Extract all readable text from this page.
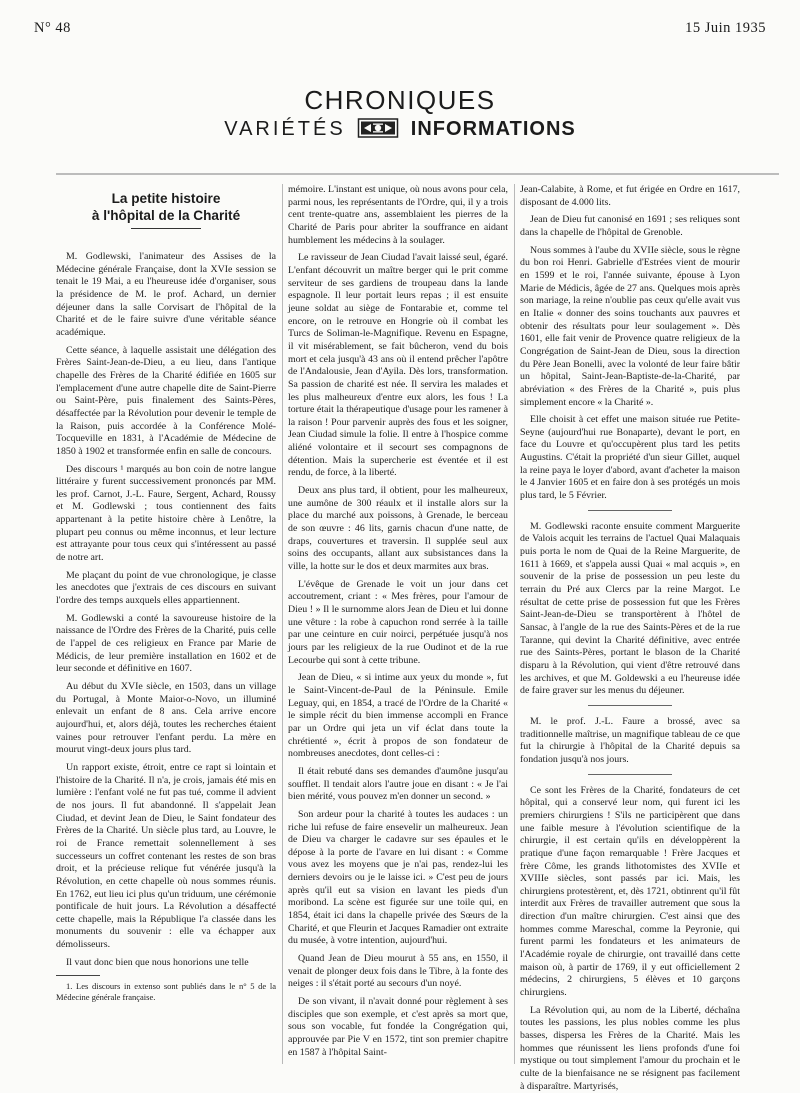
N° 48	15 Juin 1935
CHRONIQUES
VARIÉTÉS	INFORMATIONS
La petite histoire
à l'hôpital de la Charité

M. Godlewski, l'animateur des Assises de la Médecine générale Française, dont la XVIe session se tenait le 19 Mai, a eu l'heureuse idée d'organiser, sous la présidence de M. le prof. Achard, un dernier déjeuner dans la salle Corvisart de l'hôpital de la Charité et de le faire suivre d'une véritable séance académique.

Cette séance, à laquelle assistait une délégation des Frères Saint-Jean-de-Dieu, a eu lieu, dans l'antique chapelle des Frères de la Charité édifiée en 1605 sur l'emplacement d'une autre chapelle dite de Saint-Pierre ou Saint-Père, puis finalement des Saints-Pères, désaffectée par la Révolution pour devenir le temple de la Raison, puis accordée à la Conférence Molé-Tocqueville en 1831, à l'Académie de Médecine de 1850 à 1902 et transformée enfin en salle de concours.

Des discours ¹ marqués au bon coin de notre langue littéraire y furent successivement prononcés par MM. les prof. Carnot, J.-L. Faure, Sergent, Achard, Roussy et M. Godlewski ; tous contiennent des faits appartenant à la petite histoire chère à Lenôtre, la plupart peu connus ou même inconnus, et leur lecture est attrayante pour tous ceux qui s'intéressent au passé de notre art.

Me plaçant du point de vue chronologique, je classe les anecdotes que j'extrais de ces discours en suivant l'ordre des temps auxquels elles appartiennent.

M. Godlewski a conté la savoureuse histoire de la naissance de l'Ordre des Frères de la Charité, puis celle de l'appel de ces religieux en France par Marie de Médicis, de leur première installation en 1602 et de leur seconde et définitive en 1607.

Au début du XVIe siècle, en 1503, dans un village du Portugal, à Monte Maior-o-Novo, un illuminé enlevait un enfant de 8 ans. Cela arrive encore aujourd'hui, et, alors déjà, toutes les recherches étaient vaines pour retrouver l'enfant perdu. La mère en mourut vingt-deux jours plus tard.

Un rapport existe, étroit, entre ce rapt si lointain et l'histoire de la Charité. Il n'a, je crois, jamais été mis en lumière : l'enfant volé ne fut pas tué, comme il advient de nos jours. Il fut abandonné. Il s'appelait Jean Ciudad, et devint Jean de Dieu, le Saint fondateur des Frères de la Charité. Un siècle plus tard, au Louvre, le roi de France remettait solennellement à ses successeurs un coffret contenant les restes de son bras droit, et la précieuse relique fut vénérée jusqu'à la Révolution, en cette chapelle où nous sommes réunis. En 1762, eut lieu ici plus qu'un triduum, une cérémonie pontificale de huit jours. La Révolution a désaffecté cette chapelle, mais la République l'a classée dans les monuments du souvenir : elle va échapper aux démolisseurs.

Il vaut donc bien que nous honorions une telle

1. Les discours in extenso sont publiés dans le n° 5 de la Médecine générale française.

mémoire. L'instant est unique, où nous avons pour cela, parmi nous, les représentants de l'Ordre, qui, il y a trois cent trente-quatre ans, assemblaient les pierres de la Charité de Paris pour abriter la souffrance en aidant humblement les médecins à la soulager.

Le ravisseur de Jean Ciudad l'avait laissé seul, égaré. L'enfant découvrit un maître berger qui le prit comme serviteur de ses gardiens de troupeau dans la lande espagnole. Il leur portait leurs repas ; il est ensuite jeune soldat au siège de Fontarabie et, comme tel encore, on le retrouve en Hongrie où il combat les Turcs de Soliman-le-Magnifique. Revenu en Espagne, il vit misérablement, se fait bûcheron, vend du bois mort et cela jusqu'à 43 ans où il entend prêcher l'apôtre de l'Andalousie, Jean d'Ayila. Dès lors, transformation. Sa passion de charité est née. Il servira les malades et les plus malheureux d'entre eux alors, les fous ! La torture était la thérapeutique d'usage pour les ramener à la raison ! Pour parvenir auprès des fous et les soigner, Jean Ciudad simule la folie. Il entre à l'hospice comme aliéné volontaire et il secourt ses compagnons de détention. Mais la supercherie est éventée et il est rendu, de force, à la liberté.

Deux ans plus tard, il obtient, pour les malheureux, une aumône de 300 réaulx et il installe alors sur la place du marché aux poissons, à Grenade, le berceau de son œuvre : 46 lits, garnis chacun d'une natte, de draps, couvertures et traversin. Il supplée seul aux soins des occupants, allant aux subsistances dans la ville, la hotte sur le dos et deux marmites aux bras.

L'évêque de Grenade le voit un jour dans cet accoutrement, criant : « Mes frères, pour l'amour de Dieu ! » Il le surnomme alors Jean de Dieu et lui donne une vêture : la robe à capuchon rond serrée à la taille par une ceinture en cuir noirci, perpétuée jusqu'à nos jours par les religieux de la rue Oudinot et de la rue Lecourbe qui sont à cette tribune.

Jean de Dieu, « si intime aux yeux du monde », fut le Saint-Vincent-de-Paul de la Péninsule. Emile Leguay, qui, en 1854, a tracé de l'Ordre de la Charité « le simple récit du bien immense accompli en France par un Ordre qui jeta un vif éclat dans toute la chrétienté », écrit à propos de son fondateur de nombreuses anecdotes, dont celles-ci :

Il était rebuté dans ses demandes d'aumône jusqu'au soufflet. Il tendait alors l'autre joue en disant : « Je l'ai bien mérité, vous pouvez m'en donner un second. »

Son ardeur pour la charité à toutes les audaces : un riche lui refuse de faire ensevelir un malheureux. Jean de Dieu va charger le cadavre sur ses épaules et le dépose à la porte de l'avare en lui disant : « Comme vous avez les moyens que je n'ai pas, rendez-lui les derniers devoirs ou je le laisse ici. » C'est peu de jours après qu'il eut sa vision en lavant les pieds d'un moribond. La scène est figurée sur une toile qui, en 1854, était ici dans la chapelle privée des Sœurs de la Charité, et que Fleurin et Jacques Ramadier ont extraite du musée, à votre intention, aujourd'hui.

Quand Jean de Dieu mourut à 55 ans, en 1550, il venait de plonger deux fois dans le Tibre, à la fonte des neiges : il s'était porté au secours d'un noyé.

De son vivant, il n'avait donné pour règlement à ses disciples que son exemple, et c'est après sa mort que, sous son vocable, fut fondée la Congrégation qui, approuvée par Pie V en 1572, tint son premier chapitre en 1587 à l'hôpital Saint-

Jean-Calabite, à Rome, et fut érigée en Ordre en 1617, disposant de 4.000 lits.

Jean de Dieu fut canonisé en 1691 ; ses reliques sont dans la chapelle de l'hôpital de Grenoble.

Nous sommes à l'aube du XVIIe siècle, sous le règne du bon roi Henri. Gabrielle d'Estrées vient de mourir en 1599 et le roi, l'année suivante, épouse à Lyon Marie de Médicis, âgée de 27 ans. Quelques mois après son mariage, la reine n'oublie pas ceux qu'elle avait vus en Italie « donner des soins touchants aux pauvres et obtenir des résultats pour leur soulagement ». Dès 1601, elle fait venir de Provence quatre religieux de la Congrégation de Saint-Jean de Dieu, sous la direction du Père Jean Bonelli, avec la volonté de leur faire bâtir un hôpital, Saint-Jean-Baptiste-de-la-Charité, par abréviation « des Frères de la Charité », puis plus simplement encore « la Charité ».

Elle choisit à cet effet une maison située rue Petite-Seyne (aujourd'hui rue Bonaparte), devant le port, en face du Louvre et qu'occupèrent plus tard les petits Augustins. C'était la propriété d'un sieur Gillet, auquel la reine paya le loyer d'abord, avant d'acheter la maison le 4 Janvier 1605 et en faire don à ses protégés un mois plus tard, le 5 Février.

M. Godlewski raconte ensuite comment Marguerite de Valois acquit les terrains de l'actuel Quai Malaquais puis porta le nom de Quai de la Reine Marguerite, de 1611 à 1669, et s'appela aussi Quai « mal acquis », en souvenir de la prise de possession un peu leste du terrain du Pré aux Clercs par la reine Margot. Le résultat de cette prise de possession fut que les Frères Saint-Jean-de-Dieu se transportèrent à l'hôtel de Sansac, à l'angle de la rue des Saints-Pères et de la rue Taranne, qui devint la Charité définitive, avec entrée rue des Saints-Pères, portant le blason de la Charité disparu à la Révolution, qui vient d'être retrouvé dans les archives, et que M. Goldewski a eu l'heureuse idée de faire graver sur les menus du déjeuner.

M. le prof. J.-L. Faure a brossé, avec sa traditionnelle maîtrise, un magnifique tableau de ce que fut la chirurgie à l'hôpital de la Charité depuis sa fondation jusqu'à nos jours.

Ce sont les Frères de la Charité, fondateurs de cet hôpital, qui a conservé leur nom, qui furent ici les premiers chirurgiens ! S'ils ne participèrent que dans une faible mesure à l'évolution scientifique de la chirurgie, il est certain qu'ils en développèrent la pratique d'une façon remarquable ! Frère Jacques et frère Côme, les grands lithotomistes des XVIIe et XVIIIe siècles, sont passés par ici. Mais, les chirurgiens protestèrent, et, dès 1721, obtinrent qu'il fût interdit aux Frères de travailler autrement que sous la direction d'un maître chirurgien. C'est ainsi que des hommes comme Mareschal, comme la Peyronie, qui furent parmi les fondateurs et les animateurs de l'Académie royale de chirurgie, ont travaillé dans cette maison où, à partir de 1769, il y eut officiellement 2 médecins, 2 chirurgiens, 5 élèves et 10 garçons chirurgiens.

La Révolution qui, au nom de la Liberté, déchaîna toutes les passions, les plus nobles comme les plus basses, dispersa les Frères de la Charité. Mais les hommes que réunissent les liens profonds d'une foi mystique ou tout simplement l'amour du prochain et le culte de la bienfaisance ne se résignent pas facilement à disparaître. Martyrisés,
